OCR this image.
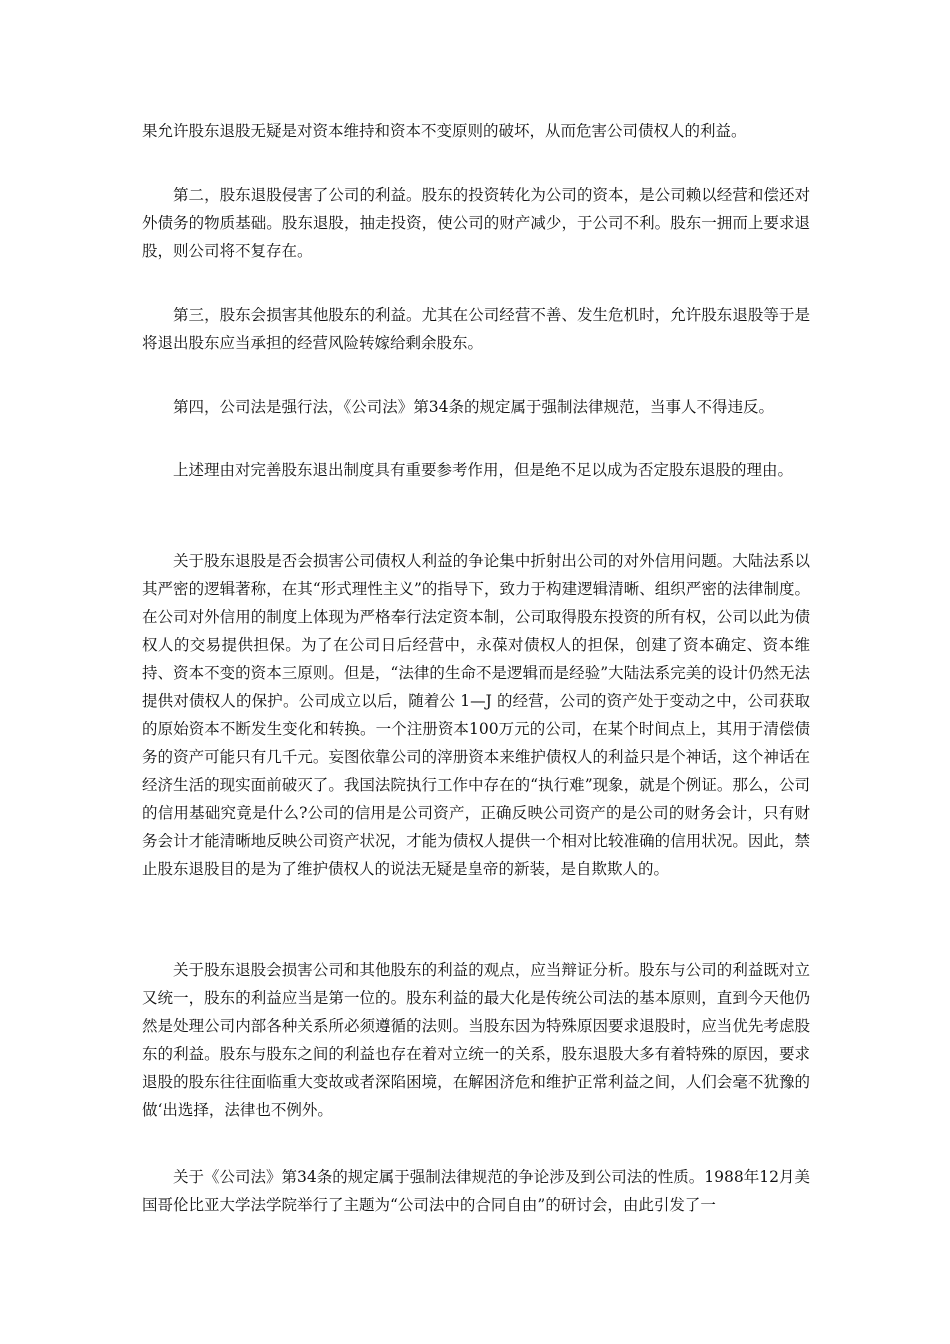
果允许股东退股无疑是对资本维持和资本不变原则的破坏，从而危害公司债权人的利益。

第二，股东退股侵害了公司的利益。股东的投资转化为公司的资本，是公司赖以经营和偿还对外债务的物质基础。股东退股，抽走投资，使公司的财产减少，于公司不利。股东一拥而上要求退股，则公司将不复存在。

第三，股东会损害其他股东的利益。尤其在公司经营不善、发生危机时，允许股东退股等于是将退出股东应当承担的经营风险转嫁给剩余股东。

第四，公司法是强行法，《公司法》第34条的规定属于强制法律规范，当事人不得违反。

上述理由对完善股东退出制度具有重要参考作用，但是绝不足以成为否定股东退股的理由。

关于股东退股是否会损害公司债权人利益的争论集中折射出公司的对外信用问题。大陆法系以其严密的逻辑著称，在其“形式理性主义”的指导下，致力于构建逻辑清晰、组织严密的法律制度。在公司对外信用的制度上体现为严格奉行法定资本制，公司取得股东投资的所有权，公司以此为债权人的交易提供担保。为了在公司日后经营中，永葆对债权人的担保，创建了资本确定、资本维持、资本不变的资本三原则。但是，“法律的生命不是逻辑而是经验”大陆法系完美的设计仍然无法提供对债权人的保护。公司成立以后，随着公 1—J 的经营，公司的资产处于变动之中，公司获取的原始资本不断发生变化和转换。一个注册资本100万元的公司，在某个时间点上，其用于清偿债务的资产可能只有几千元。妄图依靠公司的滓册资本来维护债权人的利益只是个神话，这个神话在经济生活的现实面前破灭了。我国法院执行工作中存在的“执行难”现象，就是个例证。那么，公司的信用基础究竟是什么?公司的信用是公司资产，正确反映公司资产的是公司的财务会计，只有财务会计才能清晰地反映公司资产状况，才能为债权人提供一个相对比较准确的信用状况。因此，禁止股东退股目的是为了维护债权人的说法无疑是皇帝的新装，是自欺欺人的。

关于股东退股会损害公司和其他股东的利益的观点，应当辩证分析。股东与公司的利益既对立又统一，股东的利益应当是第一位的。股东利益的最大化是传统公司法的基本原则，直到今天他仍然是处理公司内部各种关系所必须遵循的法则。当股东因为特殊原因要求退股时，应当优先考虑股东的利益。股东与股东之间的利益也存在着对立统一的关系，股东退股大多有着特殊的原因，要求退股的股东往往面临重大变故或者深陷困境，在解困济危和维护正常利益之间，人们会毫不犹豫的做‘出选择，法律也不例外。

关于《公司法》第34条的规定属于强制法律规范的争论涉及到公司法的性质。1988年12月美国哥伦比亚大学法学院举行了主题为“公司法中的合同自由”的研讨会，由此引发了一
